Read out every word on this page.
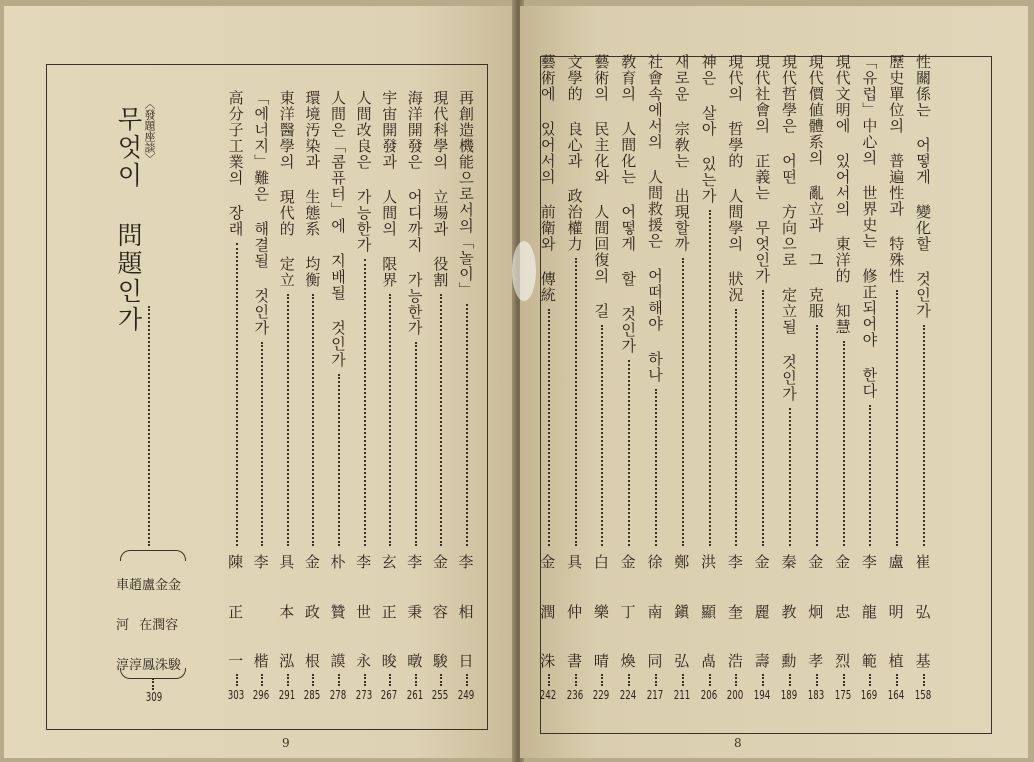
9
〈發題座談〉
무엇이 問題인가
車趙盧金金
河 在潤容
淳淳鳳洙駿
309
再創造機能으로서의「놀이」
李
相
日
249
現代科學의 立場과 役割
金
容
駿
255
海洋開發은 어디까지 가능한가
李
秉
暾
261
宇宙開發과 人間의 限界
玄
正
晙
267
人間改良은 가능한가
李
世
永
273
人間은「콤퓨터」에 지배될 것인가
朴
贊
謨
278
環境汚染과 生態系 均衡
金
政
根
285
東洋醫學의 現代的 定立
具
本
泓
291
「에너지」難은 해결될 것인가
李
楷
296
高分子工業의 장래
陳
正
一
303
8
性關係는 어떻게 變化할 것인가
崔
弘
基
158
歷史單位의 普遍性과 特殊性
盧
明
植
164
「유럽」中心의 世界史는 修正되어야 한다
李
龍
範
169
現代文明에 있어서의 東洋的 知慧
金
忠
烈
175
現代價値體系의 亂立과 그 克服
金
炯
孝
183
現代哲學은 어떤 方向으로 定立될 것인가
秦
教
勳
189
現代社會의 正義는 무엇인가
金
麗
壽
194
現代의 哲學的 人間學의 狀況
李
奎
浩
200
神은 살아 있는가
洪
顯
卨
206
새로운 宗敎는 出現할까
鄭
鎭
弘
211
社會속에서의 人間救援은 어떠해야 하나
徐
南
同
217
敎育의 人間化는 어떻게 할 것인가
金
丁
煥
224
藝術의 民主化와 人間回復의 길
白
樂
晴
229
文學的 良心과 政治權力
具
仲
書
236
藝術에 있어서의 前衛와 傳統
金
潤
洙
242
